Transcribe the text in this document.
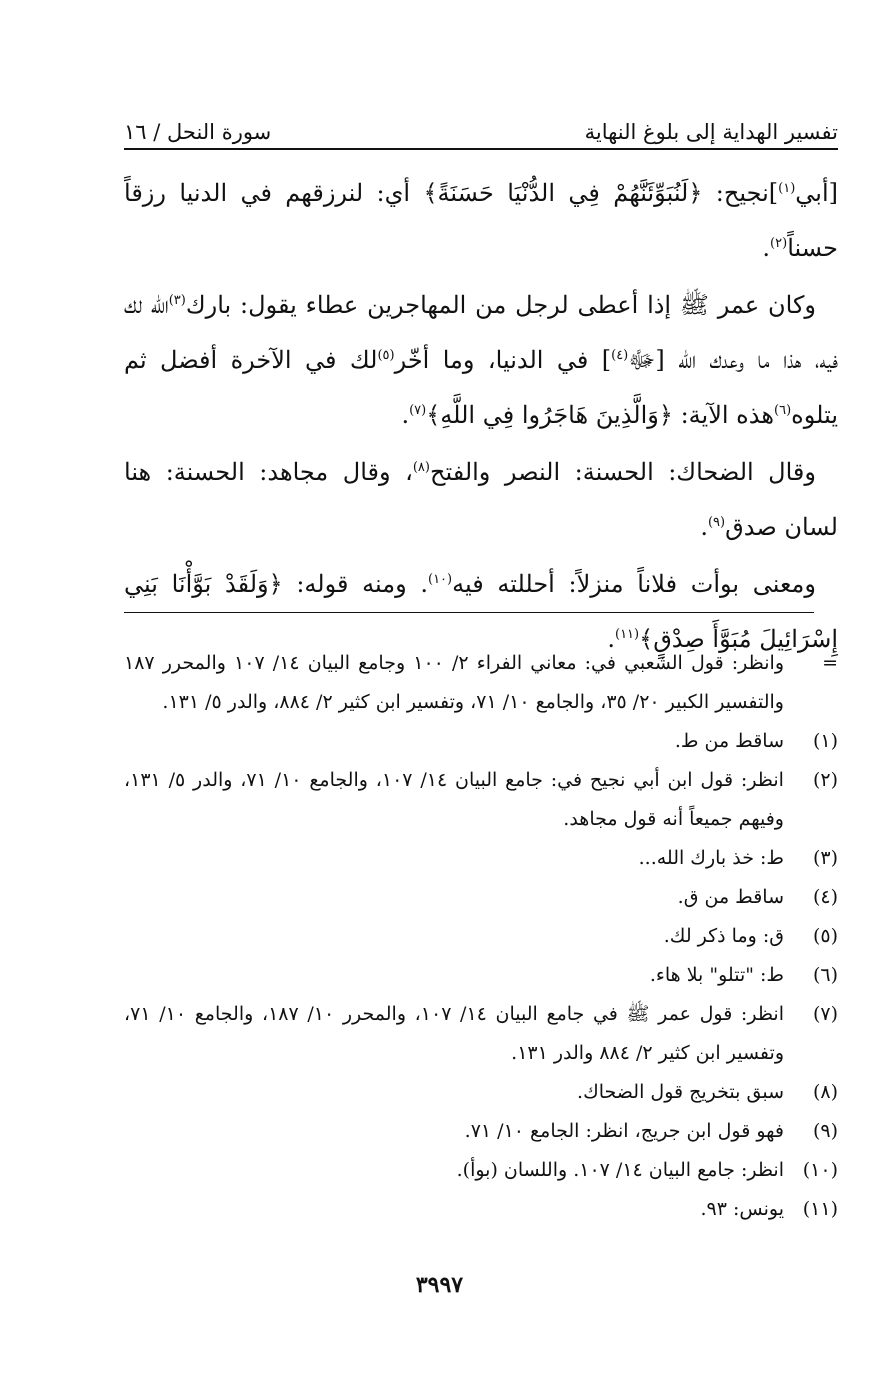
تفسير الهداية إلى بلوغ النهاية
سورة النحل / ١٦

[أبي$^{(١)}$]نجيح: ﴿لَنُبَوِّئَنَّهُمْ فِي الدُّنْيَا حَسَنَةً﴾ أي: لنرزقهم في الدنيا رزقاً حسناً$^{(٢)}$.

وكان عمر ﷺ إذا أعطى لرجل من المهاجرين عطاء يقول: بارك$^{(٣)}$الله لك فيه، هذا ما وعدك الله [ﷻ$^{(٤)}$] في الدنيا، وما أخّر$^{(٥)}$لك في الآخرة أفضل ثم يتلوه$^{(٦)}$هذه الآية: ﴿وَالَّذِينَ هَاجَرُوا فِي اللَّهِ﴾$^{(٧)}$.

وقال الضحاك: الحسنة: النصر والفتح$^{(٨)}$، وقال مجاهد: الحسنة: هنا لسان صدق$^{(٩)}$.

ومعنى بوأت فلاناً منزلاً: أحللته فيه$^{(١٠)}$. ومنه قوله: ﴿وَلَقَدْ بَوَّأْنَا بَنِي إِسْرَائِيلَ مُبَوَّأَ صِدْقٍ﴾$^{(١١)}$.

=
وانظر: قول الشعبي في: معاني الفراء ٢/ ١٠٠ وجامع البيان ١٤/ ١٠٧ والمحرر ١٨٧ والتفسير الكبير ٢٠/ ٣٥، والجامع ١٠/ ٧١، وتفسير ابن كثير ٢/ ٨٨٤، والدر ٥/ ١٣١.
(١)
ساقط من ط.
(٢)
انظر: قول ابن أبي نجيح في: جامع البيان ١٤/ ١٠٧، والجامع ١٠/ ٧١، والدر ٥/ ١٣١، وفيهم جميعاً أنه قول مجاهد.
(٣)
ط: خذ بارك الله...
(٤)
ساقط من ق.
(٥)
ق: وما ذكر لك.
(٦)
ط: "تتلو" بلا هاء.
(٧)
انظر: قول عمر ﷺ في جامع البيان ١٤/ ١٠٧، والمحرر ١٠/ ١٨٧، والجامع ١٠/ ٧١، وتفسير ابن كثير ٢/ ٨٨٤ والدر ١٣١.
(٨)
سبق بتخريج قول الضحاك.
(٩)
فهو قول ابن جريج، انظر: الجامع ١٠/ ٧١.
(١٠)
انظر: جامع البيان ١٤/ ١٠٧. واللسان (بوأ).
(١١)
يونس: ٩٣.
٣٩٩٧
